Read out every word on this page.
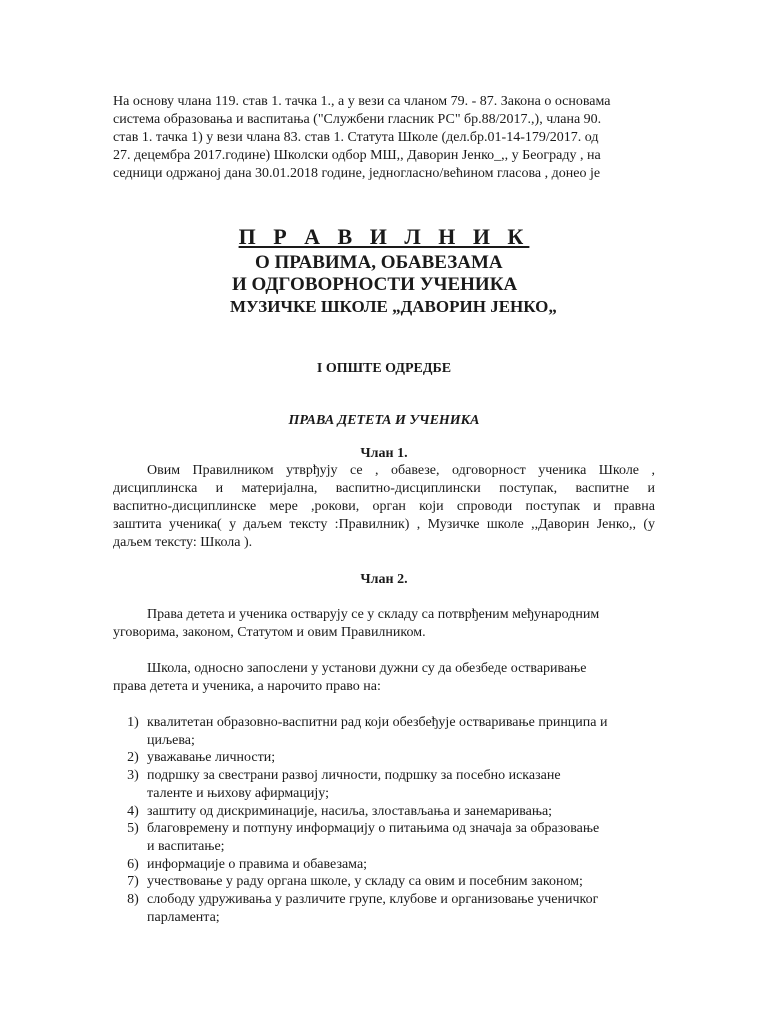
На основу члана 119. став 1. тачка 1., а у вези са чланом 79. - 87. Закона о основама
система образовања и васпитања ("Службени гласник РС" бр.88/2017.,), члана 90.
став 1. тачка 1) у вези члана 83. став 1. Статута Школе (дел.бр.01-14-179/2017. од
27. децембра 2017.године) Школски одбор МШ,, Даворин Јенко_,, у Београду , на
седници одржаној дана 30.01.2018 године, једногласно/већином гласова , донео је
П Р А В И Л Н И К
О ПРАВИМА, ОБАВЕЗАМА
И ОДГОВОРНОСТИ УЧЕНИКА
МУЗИЧКЕ ШКОЛЕ „ДАВОРИН ЈЕНКО„
I ОПШТЕ ОДРЕДБЕ
ПРАВА ДЕТЕТА И УЧЕНИКА
Члан 1.
Овим Правилником утврђују се , обавезе, одговорност ученика Школе ,
дисциплинска и материјална, васпитно-дисциплински поступак, васпитне и
васпитно-дисциплинске мере ,рокови, орган који спроводи поступак и правна
заштита ученика( у даљем тексту :Правилник) , Музичке школе ,,Даворин Јенко,, (у
даљем тексту: Школа ).
Члан 2.
Права детета и ученика остварују се у складу са потврђеним међународним
уговорима, законом, Статутом и овим Правилником.
Школа, односно запослени у установи дужни су да обезбеде остваривање
права детета и ученика, а нарочито право на:
1) квалитетан образовно-васпитни рад који обезбеђује остваривање принципа и
циљева;
2) уважавање личности;
3) подршку за свестрани развој личности, подршку за посебно исказане
таленте и њихову афирмацију;
4) заштиту од дискриминације, насиља, злостављања и занемаривања;
5) благовремену и потпуну информацију о питањима од значаја за образовање
и васпитање;
6) информације о правима и обавезама;
7) учествовање у раду органа школе, у складу са овим и посебним законом;
8) слободу удруживања у различите групе, клубове и организовање ученичког
парламента;
